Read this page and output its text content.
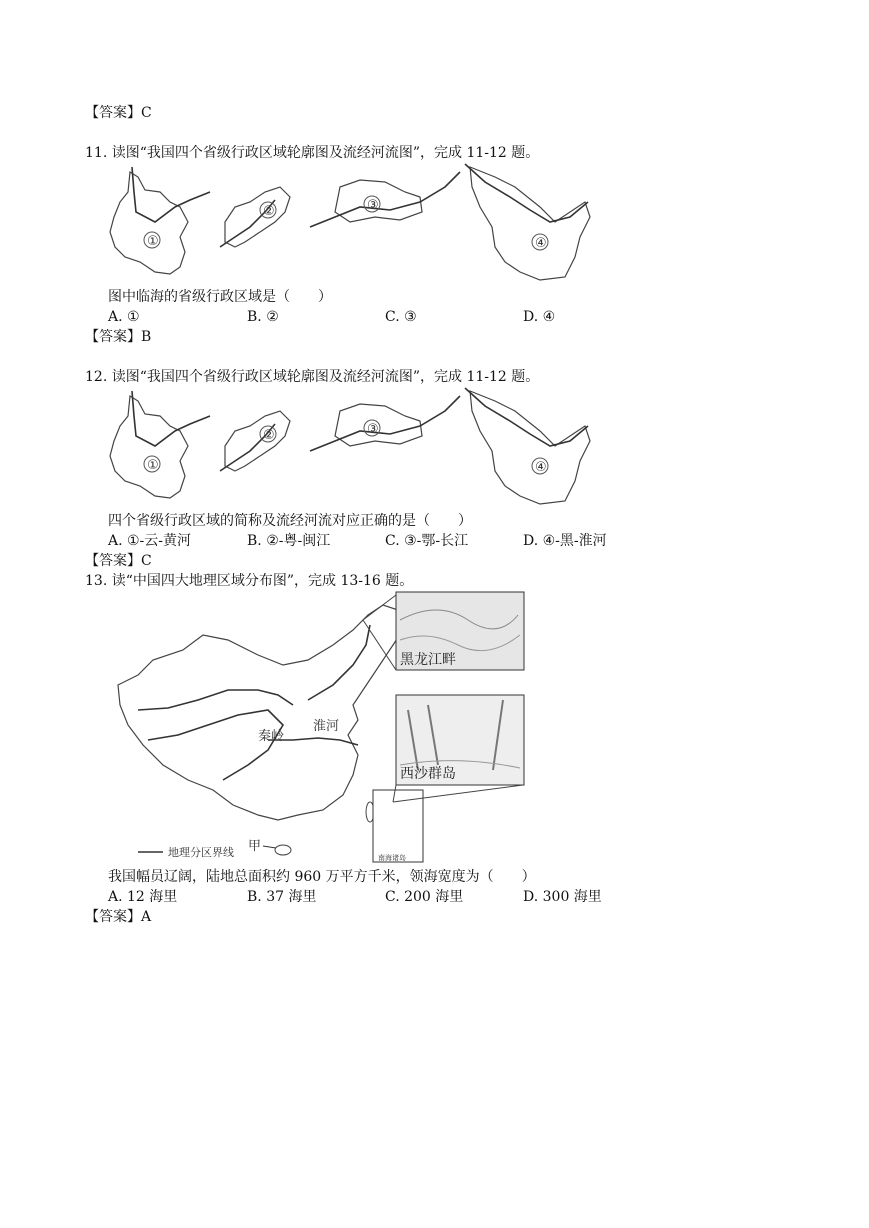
【答案】C
11. 读图“我国四个省级行政区域轮廓图及流经河流图”，完成 11-12 题。
①
②	③
④
图中临海的省级行政区域是（　　）
A. ①	B. ②	C. ③	D. ④
【答案】B
12. 读图“我国四个省级行政区域轮廓图及流经河流图”，完成 11-12 题。
①
②	③
④
四个省级行政区域的简称及流经河流对应正确的是（　　）
A. ①-云-黄河	B. ②-粤-闽江	C. ③-鄂-长江	D. ④-黑-淮河
【答案】C
13. 读“中国四大地理区域分布图”，完成 13-16 题。
秦岭
淮河
甲
地理分区界线
黑龙江畔
西沙群岛
南海诸岛
我国幅员辽阔，陆地总面积约 960 万平方千米，领海宽度为（　　）
A. 12 海里	B. 37 海里	C. 200 海里	D. 300 海里
【答案】A
